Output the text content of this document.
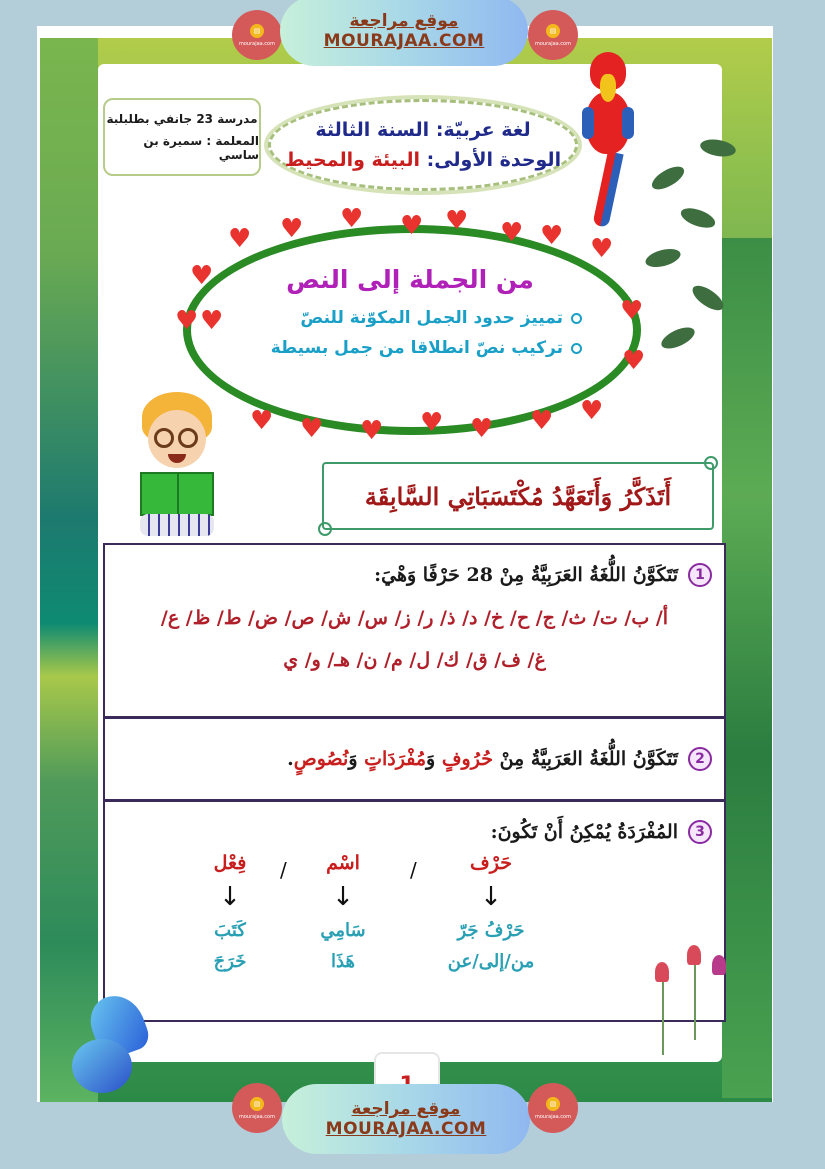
مدرسة 23 جانفي بطلبلبة
المعلمة : سميرة بن ساسي
لغة عربيّة: السنة الثالثة
الوحدة الأولى: البيئة والمحيط
♥ ♥ ♥ ♥ ♥ ♥ ♥ ♥
♥
♥ ♥	♥
♥
♥ ♥ ♥ ♥ ♥ ♥ ♥
من الجملة إلى النص
تمييز حدود الجمل المكوّنة للنصّ
تركيب نصّ انطلاقا من جمل بسيطة
أَتَذَكَّرُ وَأَتَعَهَّدُ مُكْتَسَبَاتِي السَّابِقَة
1
تَتَكَوَّنُ اللُّغَةُ العَرَبِيَّةُ مِنْ 28 حَرْفًا وَهْيَ:
أ/ ب/ ت/ ث/ ج/ ح/ خ/ د/ ذ/ ر/ ز/ س/ ش/ ص/ ض/ ط/ ظ/ ع/
غ/ ف/ ق/ ك/ ل/ م/ ن/ هـ/ و/ ي
2
تَتَكَوَّنُ اللُّغَةُ العَرَبِيَّةُ مِنْ حُرُوفٍ وَمُفْرَدَاتٍ وَنُصُوصٍ.
3
المُفْرَدَةُ يُمْكِنُ أَنْ تَكُونَ:
حَرْف
↓
حَرْفُ جَرّ
من/إلى/عن
/
اسْم
↓
سَامِي
هَذَا
/
فِعْل
↓
كَتَبَ
خَرَجَ
▤
mourajaa.com
موقع مراجعة
MOURAJAA.COM
▤
mourajaa.com
▤
mourajaa.com	موقع مراجعة
MOURAJAA.COM
▤
mourajaa.com
